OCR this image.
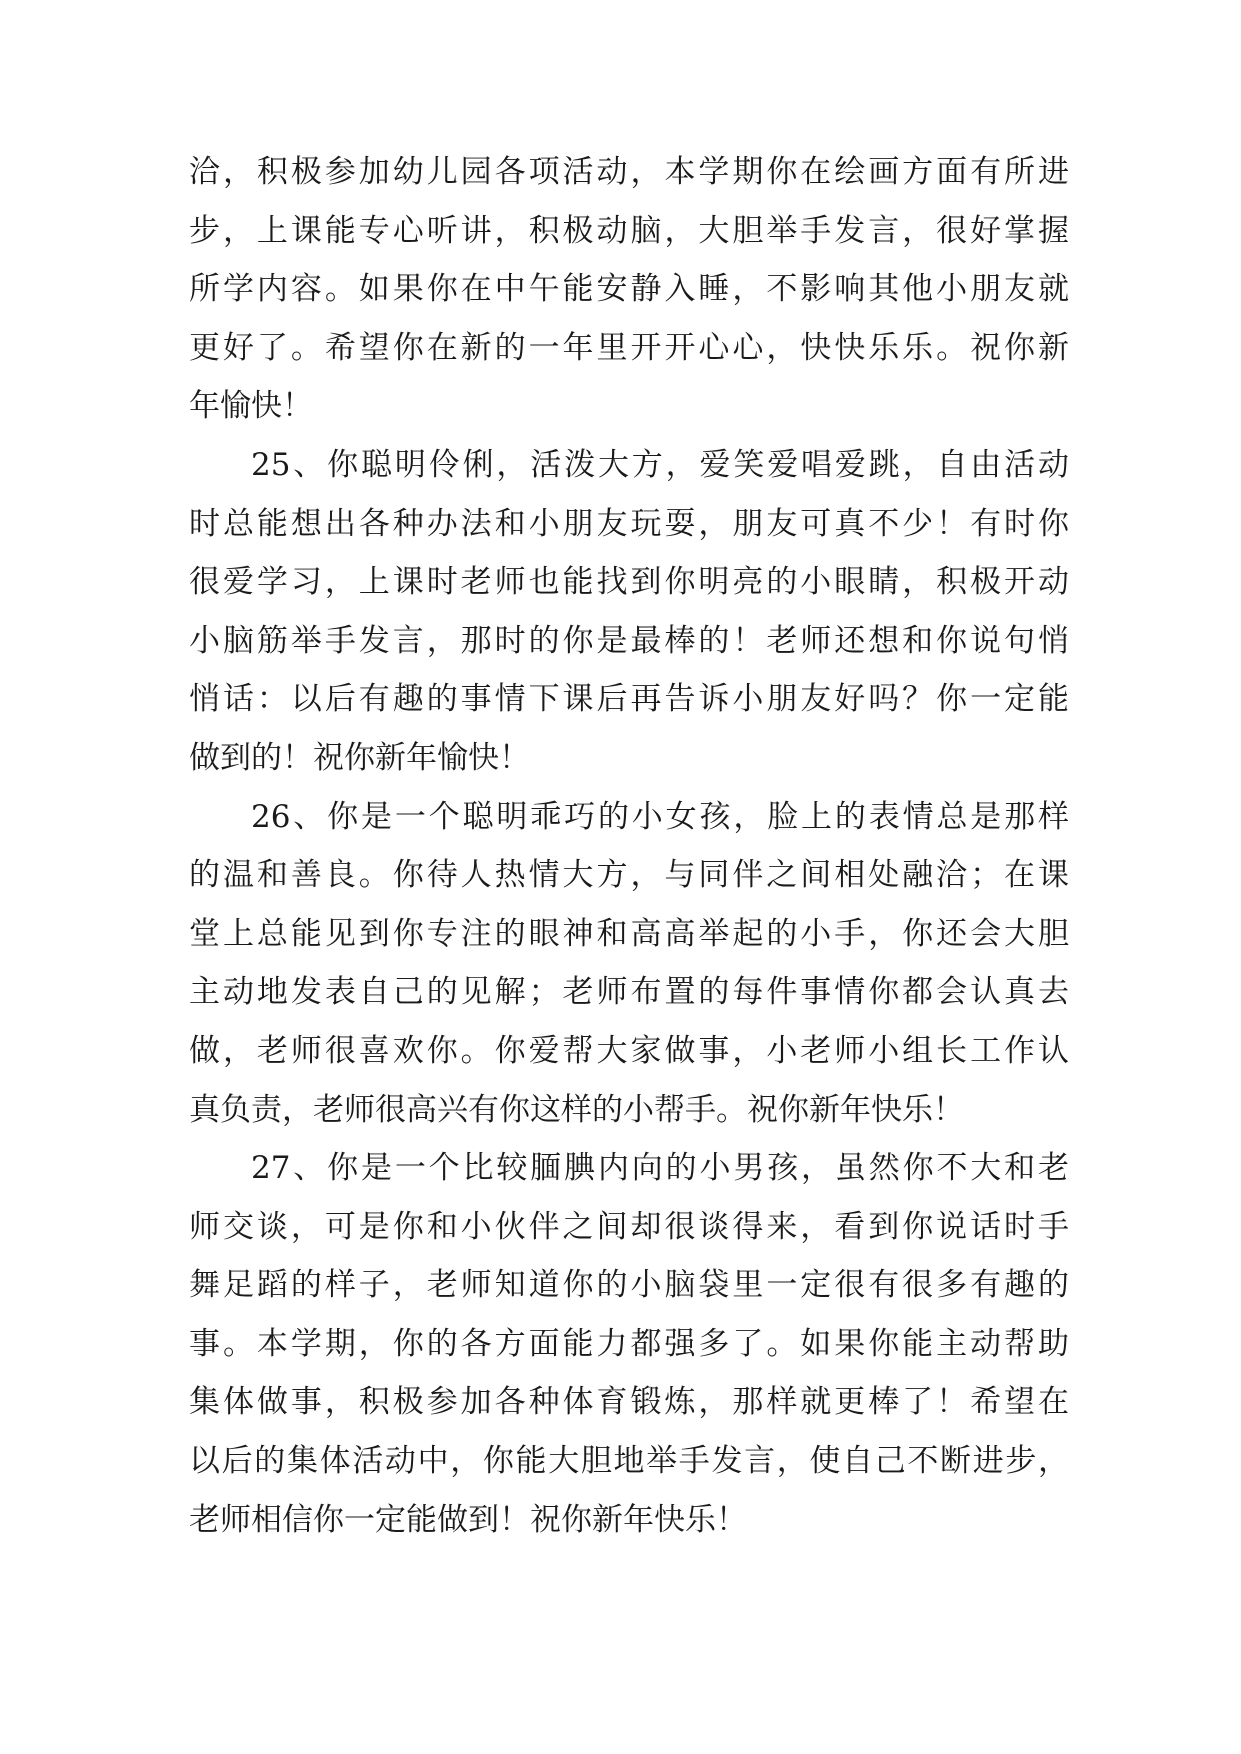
洽，积极参加幼儿园各项活动，本学期你在绘画方面有所进
步，上课能专心听讲，积极动脑，大胆举手发言，很好掌握
所学内容。如果你在中午能安静入睡，不影响其他小朋友就
更好了。希望你在新的一年里开开心心，快快乐乐。祝你新
年愉快！
25、你聪明伶俐，活泼大方，爱笑爱唱爱跳，自由活动
时总能想出各种办法和小朋友玩耍，朋友可真不少！有时你
很爱学习，上课时老师也能找到你明亮的小眼睛，积极开动
小脑筋举手发言，那时的你是最棒的！老师还想和你说句悄
悄话：以后有趣的事情下课后再告诉小朋友好吗？你一定能
做到的！祝你新年愉快！
26、你是一个聪明乖巧的小女孩，脸上的表情总是那样
的温和善良。你待人热情大方，与同伴之间相处融洽；在课
堂上总能见到你专注的眼神和高高举起的小手，你还会大胆
主动地发表自己的见解；老师布置的每件事情你都会认真去
做，老师很喜欢你。你爱帮大家做事，小老师小组长工作认
真负责，老师很高兴有你这样的小帮手。祝你新年快乐！
27、你是一个比较腼腆内向的小男孩，虽然你不大和老
师交谈，可是你和小伙伴之间却很谈得来，看到你说话时手
舞足蹈的样子，老师知道你的小脑袋里一定很有很多有趣的
事。本学期，你的各方面能力都强多了。如果你能主动帮助
集体做事，积极参加各种体育锻炼，那样就更棒了！希望在
以后的集体活动中，你能大胆地举手发言，使自己不断进步，
老师相信你一定能做到！祝你新年快乐！
